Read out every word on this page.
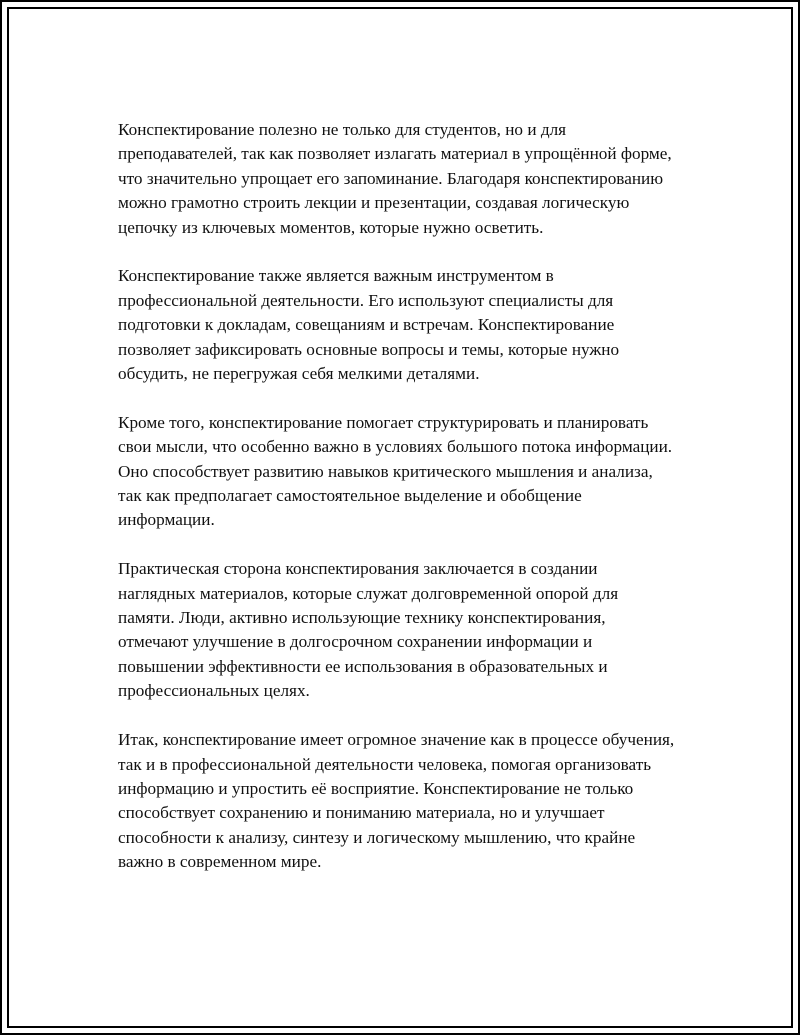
Конспектирование полезно не только для студентов, но и для преподавателей, так как позволяет излагать материал в упрощённой форме, что значительно упрощает его запоминание. Благодаря конспектированию можно грамотно строить лекции и презентации, создавая логическую цепочку из ключевых моментов, которые нужно осветить.

Конспектирование также является важным инструментом в профессиональной деятельности. Его используют специалисты для подготовки к докладам, совещаниям и встречам. Конспектирование позволяет зафиксировать основные вопросы и темы, которые нужно обсудить, не перегружая себя мелкими деталями.

Кроме того, конспектирование помогает структурировать и планировать свои мысли, что особенно важно в условиях большого потока информации. Оно способствует развитию навыков критического мышления и анализа, так как предполагает самостоятельное выделение и обобщение информации.

Практическая сторона конспектирования заключается в создании наглядных материалов, которые служат долговременной опорой для памяти. Люди, активно использующие технику конспектирования, отмечают улучшение в долгосрочном сохранении информации и повышении эффективности ее использования в образовательных и профессиональных целях.

Итак, конспектирование имеет огромное значение как в процессе обучения, так и в профессиональной деятельности человека, помогая организовать информацию и упростить её восприятие. Конспектирование не только способствует сохранению и пониманию материала, но и улучшает способности к анализу, синтезу и логическому мышлению, что крайне важно в современном мире.
